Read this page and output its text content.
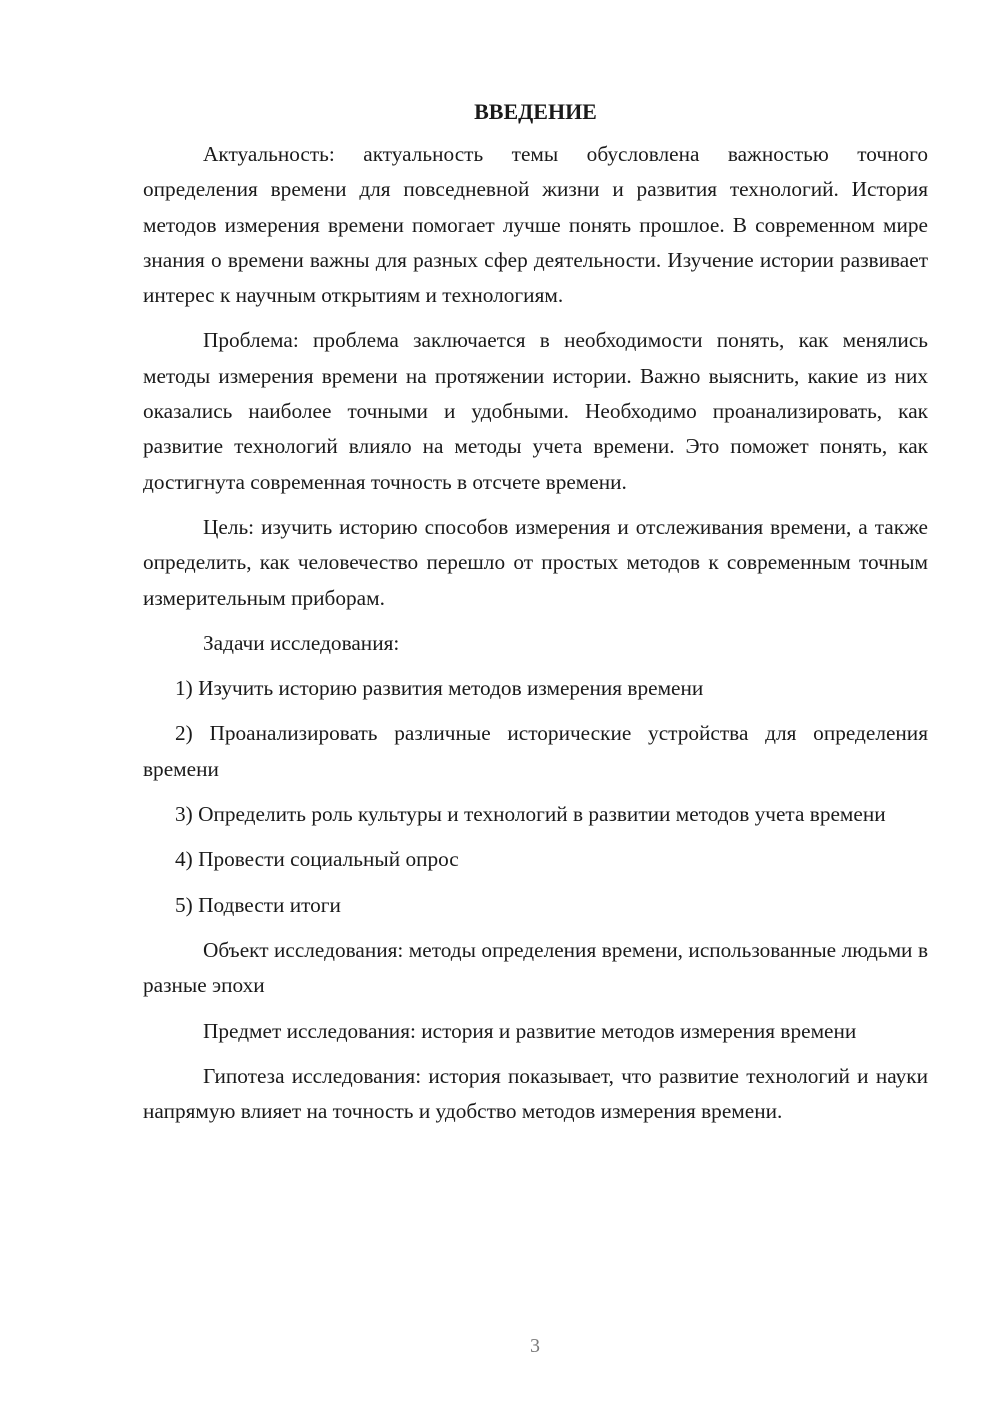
ВВЕДЕНИЕ

Актуальность: актуальность темы обусловлена важностью точного определения времени для повседневной жизни и развития технологий. История методов измерения времени помогает лучше понять прошлое. В современном мире знания о времени важны для разных сфер деятельности. Изучение истории развивает интерес к научным открытиям и технологиям.

Проблема: проблема заключается в необходимости понять, как менялись методы измерения времени на протяжении истории. Важно выяснить, какие из них оказались наиболее точными и удобными. Необходимо проанализировать, как развитие технологий влияло на методы учета времени. Это поможет понять, как достигнута современная точность в отсчете времени.

Цель: изучить историю способов измерения и отслеживания времени, а также определить, как человечество перешло от простых методов к современным точным измерительным приборам.

Задачи исследования:

1) Изучить историю развития методов измерения времени

2) Проанализировать различные исторические устройства для определения времени

3) Определить роль культуры и технологий в развитии методов учета времени

4) Провести социальный опрос

5) Подвести итоги

Объект исследования: методы определения времени, использованные людьми в разные эпохи

Предмет исследования: история и развитие методов измерения времени

Гипотеза исследования: история показывает, что развитие технологий и науки напрямую влияет на точность и удобство методов измерения времени.

3
